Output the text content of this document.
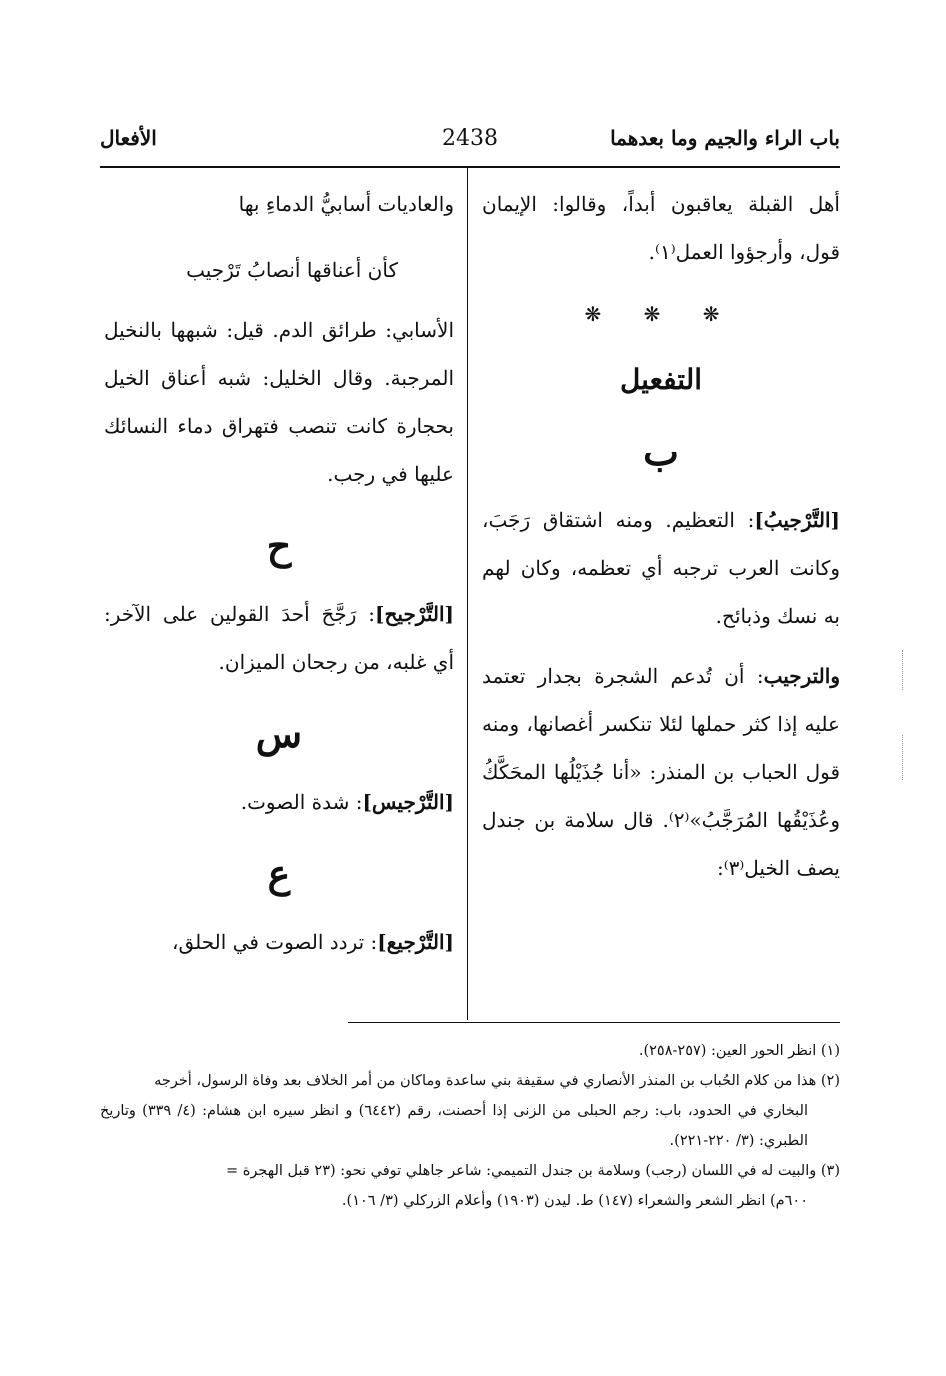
باب الراء والجيم وما بعدهما
2438
الأفعال

أهل القبلة يعاقبون أبداً، وقالوا: الإيمان قول، وأرجؤوا العمل⁽١⁾.

❋ ❋ ❋
التفعيل
ب

[التَّرْجيبُ]: التعظيم. ومنه اشتقاق رَجَبَ، وكانت العرب ترجبه أي تعظمه، وكان لهم به نسك وذبائح.

والترجيب: أن تُدعم الشجرة بجدار تعتمد عليه إذا كثر حملها لئلا تنكسر أغصانها، ومنه قول الحباب بن المنذر: «أنا جُذَيْلُها المحَكَّكُ وعُذَيْقُها المُرَجَّبُ»⁽٢⁾. قال سلامة بن جندل يصف الخيل⁽٣⁾:

والعاديات أسابيُّ الدماءِ بها

كأن أعناقها أنصابُ تَرْجيب

الأسابي: طرائق الدم. قيل: شبهها بالنخيل المرجبة. وقال الخليل: شبه أعناق الخيل بحجارة كانت تنصب فتهراق دماء النسائك عليها في رجب.

ح

[التَّرْجيح]: رَجَّحَ أحدَ القولين على الآخر: أي غلبه، من رجحان الميزان.

س

[التَّرْجيس]: شدة الصوت.

ع

[التَّرْجيع]: تردد الصوت في الحلق،

(١) انظر الحور العين: (٢٥٧-٢٥٨).

(٢) هذا من كلام الحُباب بن المنذر الأنصاري في سقيفة بني ساعدة وماكان من أمر الخلاف بعد وفاة الرسول، أخرجه

البخاري في الحدود، باب: رجم الحبلى من الزنى إذا أحصنت، رقم (٦٤٤٢) و انظر سيره ابن هشام: (٤/ ٣٣٩) وتاريخ الطبري: (٣/ ٢٢٠-٢٢١).

(٣) والبيت له في اللسان (رجب) وسلامة بن جندل التميمي: شاعر جاهلي توفي نحو: (٢٣ قبل الهجرة =

٦٠٠م) انظر الشعر والشعراء (١٤٧) ط. ليدن (١٩٠٣) وأعلام الزركلي (٣/ ١٠٦).
